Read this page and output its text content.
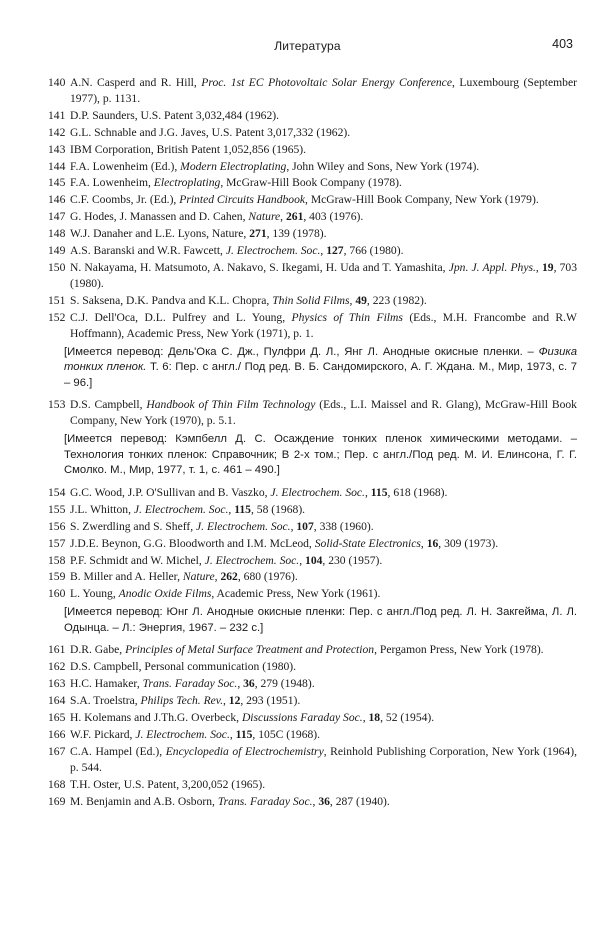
Литература	403
140 A.N. Casperd and R. Hill, Proc. 1st EC Photovoltaic Solar Energy Conference, Luxembourg (September 1977), p. 1131.
141 D.P. Saunders, U.S. Patent 3,032,484 (1962).
142 G.L. Schnable and J.G. Javes, U.S. Patent 3,017,332 (1962).
143 IBM Corporation, British Patent 1,052,856 (1965).
144 F.A. Lowenheim (Ed.), Modern Electroplating, John Wiley and Sons, New York (1974).
145 F.A. Lowenheim, Electroplating, McGraw-Hill Book Company (1978).
146 C.F. Coombs, Jr. (Ed.), Printed Circuits Handbook, McGraw-Hill Book Company, New York (1979).
147 G. Hodes, J. Manassen and D. Cahen, Nature, 261, 403 (1976).
148 W.J. Danaher and L.E. Lyons, Nature, 271, 139 (1978).
149 A.S. Baranski and W.R. Fawcett, J. Electrochem. Soc., 127, 766 (1980).
150 N. Nakayama, H. Matsumoto, A. Nakavo, S. Ikegami, H. Uda and T. Yamashita, Jpn. J. Appl. Phys., 19, 703 (1980).
151 S. Saksena, D.K. Pandva and K.L. Chopra, Thin Solid Films, 49, 223 (1982).
152 C.J. Dell'Oca, D.L. Pulfrey and L. Young, Physics of Thin Films (Eds., M.H. Francombe and R.W Hoffmann), Academic Press, New York (1971), p. 1.
[Имеется перевод: Дель'Ока С. Дж., Пулфри Д. Л., Янг Л. Анодные окисные пленки. – Физика тонких пленок. Т. 6: Пер. с англ./ Под ред. В. Б. Сандомирского, А. Г. Ждана. М., Мир, 1973, с. 7 – 96.]
153 D.S. Campbell, Handbook of Thin Film Technology (Eds., L.I. Maissel and R. Glang), McGraw-Hill Book Company, New York (1970), p. 5.1.
[Имеется перевод: Кэмпбелл Д. С. Осаждение тонких пленок химическими методами. – Технология тонких пленок: Справочник; В 2-х том.; Пер. с англ./Под ред. М. И. Елинсона, Г. Г. Смолко. М., Мир, 1977, т. 1, с. 461 – 490.]
154 G.C. Wood, J.P. O'Sullivan and B. Vaszko, J. Electrochem. Soc., 115, 618 (1968).
155 J.L. Whitton, J. Electrochem. Soc., 115, 58 (1968).
156 S. Zwerdling and S. Sheff, J. Electrochem. Soc., 107, 338 (1960).
157 J.D.E. Beynon, G.G. Bloodworth and I.M. McLeod, Solid-State Electronics, 16, 309 (1973).
158 P.F. Schmidt and W. Michel, J. Electrochem. Soc., 104, 230 (1957).
159 B. Miller and A. Heller, Nature, 262, 680 (1976).
160 L. Young, Anodic Oxide Films, Academic Press, New York (1961).
[Имеется перевод: Юнг Л. Анодные окисные пленки: Пер. с англ./Под ред. Л. Н. Закгейма, Л. Л. Одынца. – Л.: Энергия, 1967. – 232 с.]
161 D.R. Gabe, Principles of Metal Surface Treatment and Protection, Pergamon Press, New York (1978).
162 D.S. Campbell, Personal communication (1980).
163 H.C. Hamaker, Trans. Faraday Soc., 36, 279 (1948).
164 S.A. Troelstra, Philips Tech. Rev., 12, 293 (1951).
165 H. Kolemans and J.Th.G. Overbeck, Discussions Faraday Soc., 18, 52 (1954).
166 W.F. Pickard, J. Electrochem. Soc., 115, 105C (1968).
167 C.A. Hampel (Ed.), Encyclopedia of Electrochemistry, Reinhold Publishing Corporation, New York (1964), p. 544.
168 T.H. Oster, U.S. Patent, 3,200,052 (1965).
169 M. Benjamin and A.B. Osborn, Trans. Faraday Soc., 36, 287 (1940).
